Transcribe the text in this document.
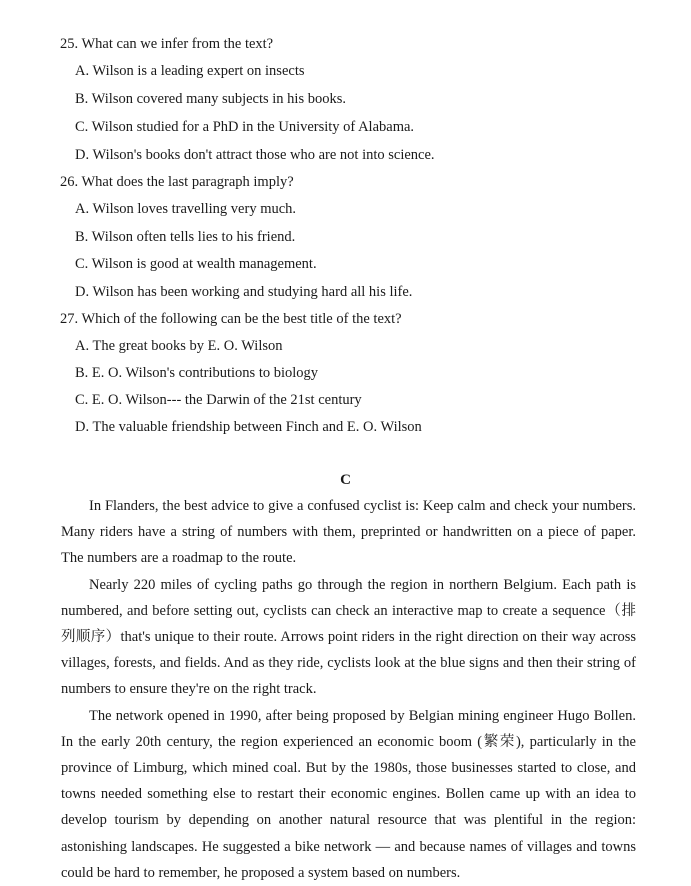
25. What can we infer from the text?
A. Wilson is a leading expert on insects
B. Wilson covered many subjects in his books.
C. Wilson studied for a PhD in the University of Alabama.
D. Wilson's books don't attract those who are not into science.
26. What does the last paragraph imply?
A. Wilson loves travelling very much.
B. Wilson often tells lies to his friend.
C. Wilson is good at wealth management.
D. Wilson has been working and studying hard all his life.
27. Which of the following can be the best title of the text?
A. The great books by E. O. Wilson
B. E. O. Wilson's contributions to biology
C. E. O. Wilson--- the Darwin of the 21st century
D. The valuable friendship between Finch and E. O. Wilson
C

In Flanders, the best advice to give a confused cyclist is: Keep calm and check your numbers. Many riders have a string of numbers with them, preprinted or handwritten on a piece of paper. The numbers are a roadmap to the route.

Nearly 220 miles of cycling paths go through the region in northern Belgium. Each path is numbered, and before setting out, cyclists can check an interactive map to create a sequence（排列顺序）that's unique to their route. Arrows point riders in the right direction on their way across villages, forests, and fields. And as they ride, cyclists look at the blue signs and then their string of numbers to ensure they're on the right track.

The network opened in 1990, after being proposed by Belgian mining engineer Hugo Bollen. In the early 20th century, the region experienced an economic boom (繁荣), particularly in the province of Limburg, which mined coal. But by the 1980s, those businesses started to close, and towns needed something else to restart their economic engines. Bollen came up with an idea to develop tourism by depending on another natural resource that was plentiful in the region: astonishing landscapes. He suggested a bike network — and because names of villages and towns could be hard to remember, he proposed a system based on numbers.
